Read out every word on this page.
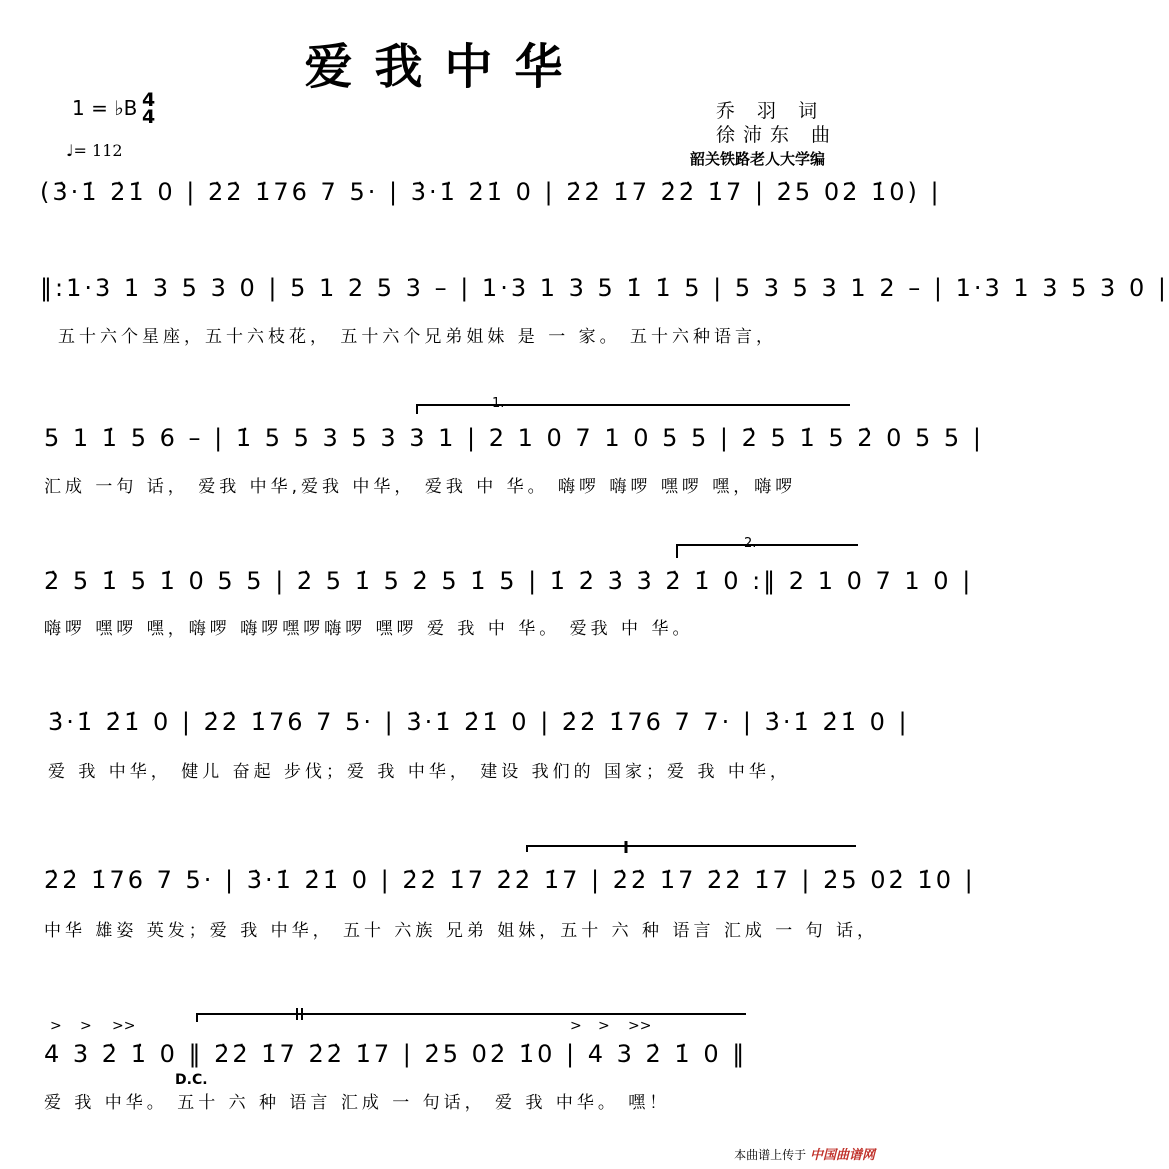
爱我中华
1 = ♭B 4
4
♩= 112
乔 羽 词
徐沛东 曲
韶关铁路老人大学编
(3̇·1̇ 2̇1̇ 0 | 2̇2̇ 1̇76 7 5· | 3̇·1̇ 2̇1̇ 0 | 2̇2̇ 1̇7 2̇2̇ 1̇7 | 2̇5 02̇ 1̇0) |
‖:1·3 1 3 5 3 0 | 5 1 2 5 3 – | 1·3 1 3 5 1̇ 1̇ 5 | 5 3 5 3 1 2 – | 1·3 1 3 5 3 0 |
五十六个星座，五十六枝花， 五十六个兄弟姐妹 是 一 家。 五十六种语言，
5 1 1̇ 5 6 – | 1̇ 5 5 3 5 3 3 1 | 2 1 0 7 1 0 5 5 | 2̇ 5 1̇ 5 2̇ 0 5 5 |
汇成 一句 话， 爱我 中华,爱我 中华， 爱我 中 华。 嗨啰 嗨啰 嘿啰 嘿，嗨啰
2̇ 5 1̇ 5 1̇ 0 5 5 | 2̇ 5 1̇ 5 2̇ 5 1̇ 5 | 1̇ 2̇ 3̇ 3̇ 2̇ 1̇ 0 :‖ 2 1 0 7 1 0 |
嗨啰 嘿啰 嘿，嗨啰 嗨啰嘿啰嗨啰 嘿啰 爱 我 中 华。 爱我 中 华。
3̇·1̇ 2̇1̇ 0 | 2̇2̇ 1̇76 7 5· | 3̇·1̇ 2̇1̇ 0 | 2̇2̇ 1̇76 7 7· | 3̇·1̇ 2̇1̇ 0 |
爱 我 中华， 健儿 奋起 步伐；爱 我 中华， 建设 我们的 国家；爱 我 中华，
2̇2̇ 1̇76 7 5· | 3̇·1̇ 2̇1̇ 0 | 2̇2̇ 1̇7 2̇2̇ 1̇7 | 2̇2̇ 1̇7 2̇2̇ 1̇7 | 2̇5 02̇ 1̇0 |
中华 雄姿 英发；爱 我 中华， 五十 六族 兄弟 姐妹，五十 六 种 语言 汇成 一 句 话，
4 3 2̇ 1̇ 0 ‖ 2̇2̇ 1̇7 2̇2̇ 1̇7 | 2̇5 02̇ 1̇0 | 4 3 2̇ 1̇ 0 ‖
爱 我 中华。 五十 六 种 语言 汇成 一 句话， 爱 我 中华。 嘿！
> > >>	> > >>
1.
2.
D.C.
本曲谱上传于 中国曲谱网
